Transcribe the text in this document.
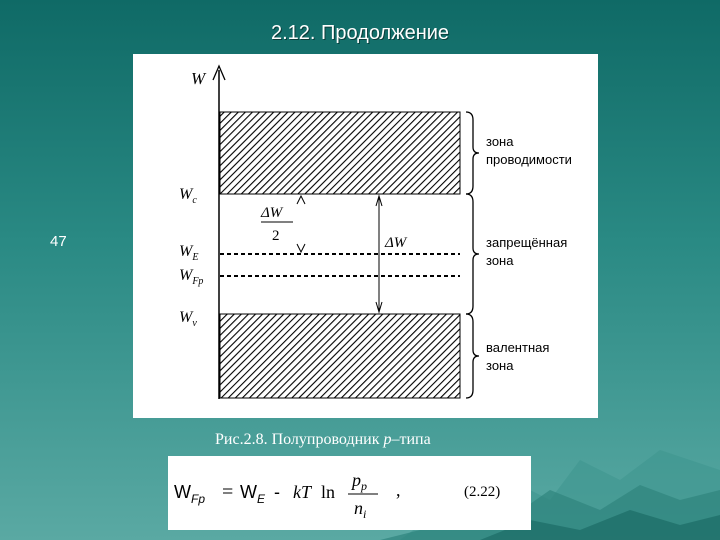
2.12. Продолжение
47
W
$W_c$
$W_E$
$W_{Fp}$
$W_v$
ΔW
2	ΔW
зона
проводимости
запрещённая
зона
валентная
зона
Рис.2.8. Полупроводник p–типа
$W_{Fp} = W_E$ - kT ln
$p_p$
$n_i$
,	(2.22)
